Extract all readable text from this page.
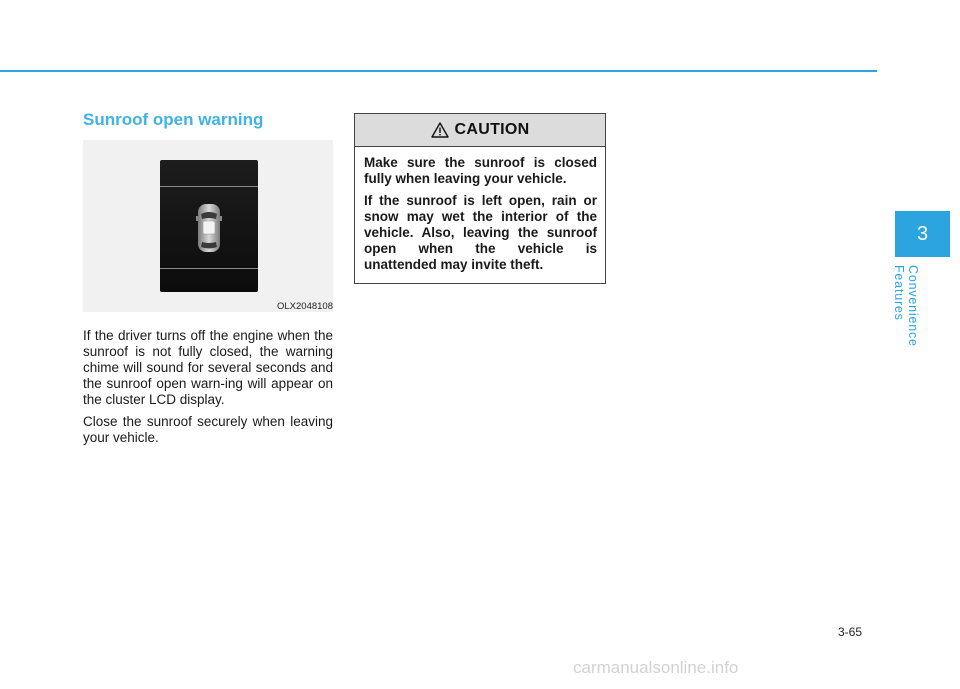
Sunroof open warning
OLX2048108

If the driver turns off the engine when the sunroof is not fully closed, the warning chime will sound for several seconds and the sunroof open warn-ing will appear on the cluster LCD display.

Close the sunroof securely when leaving your vehicle.

CAUTION

Make sure the sunroof is closed fully when leaving your vehicle.

If the sunroof is left open, rain or snow may wet the interior of the vehicle. Also, leaving the sunroof open when the vehicle is unattended may invite theft.

3
Convenience Features
3-65
carmanualsonline.info
